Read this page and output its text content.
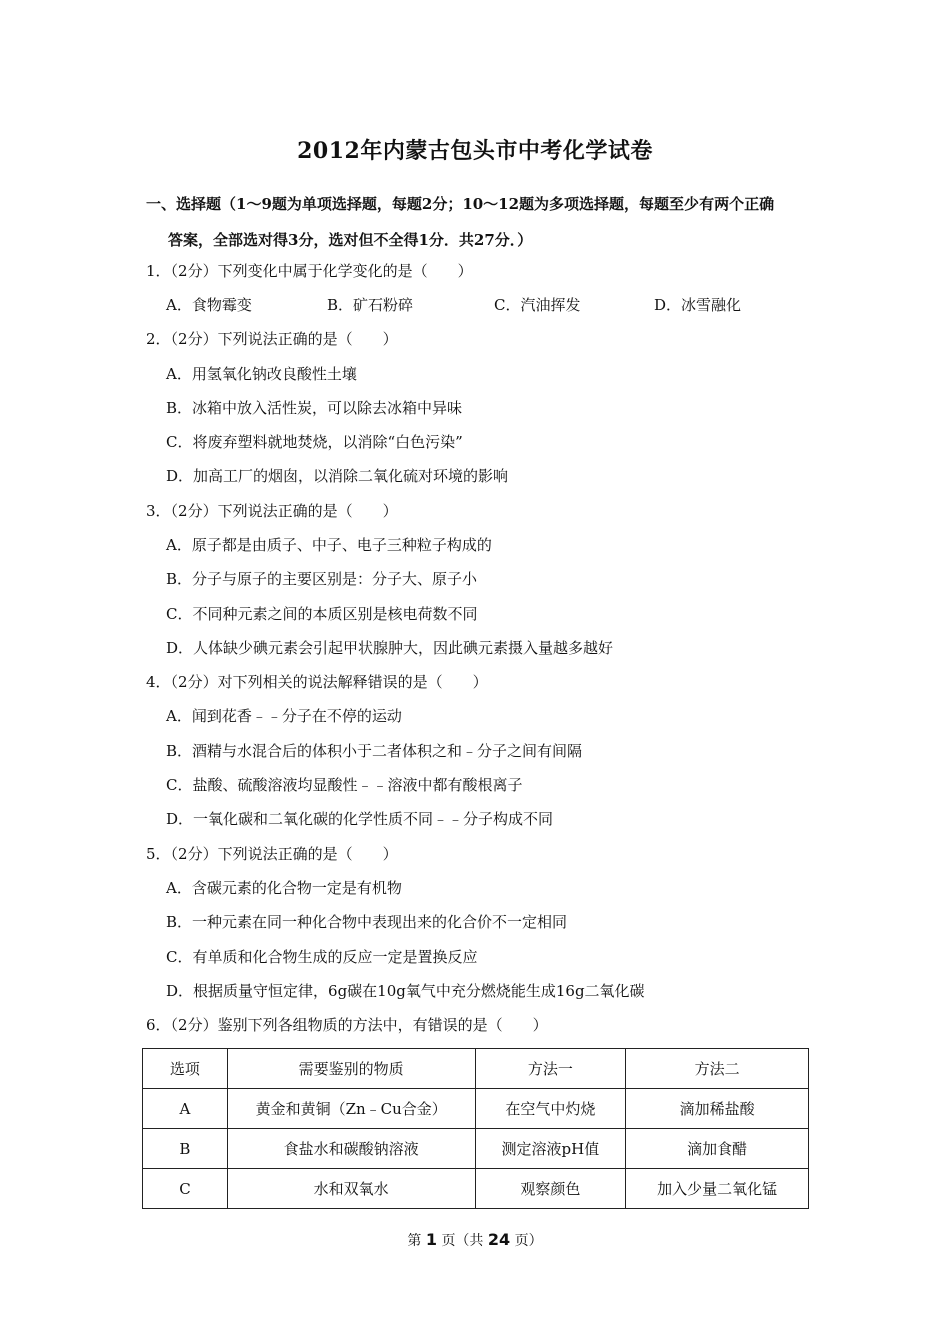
2012年内蒙古包头市中考化学试卷
一、选择题（1～9题为单项选择题，每题2分；10～12题为多项选择题，每题至少有两个正确
答案，全部选对得3分，选对但不全得1分．共27分．）
1．（2分）下列变化中属于化学变化的是（　　）
A．食物霉变	B．矿石粉碎	C．汽油挥发	D．冰雪融化
2．（2分）下列说法正确的是（　　）
A．用氢氧化钠改良酸性土壤
B．冰箱中放入活性炭，可以除去冰箱中异味
C．将废弃塑料就地焚烧，以消除“白色污染”
D．加高工厂的烟囱，以消除二氧化硫对环境的影响
3．（2分）下列说法正确的是（　　）
A．原子都是由质子、中子、电子三种粒子构成的
B．分子与原子的主要区别是：分子大、原子小
C．不同种元素之间的本质区别是核电荷数不同
D．人体缺少碘元素会引起甲状腺肿大，因此碘元素摄入量越多越好
4．（2分）对下列相关的说法解释错误的是（　　）
A．闻到花香﹣﹣分子在不停的运动
B．酒精与水混合后的体积小于二者体积之和﹣分子之间有间隔
C．盐酸、硫酸溶液均显酸性﹣﹣溶液中都有酸根离子
D．一氧化碳和二氧化碳的化学性质不同﹣﹣分子构成不同
5．（2分）下列说法正确的是（　　）
A．含碳元素的化合物一定是有机物
B．一种元素在同一种化合物中表现出来的化合价不一定相同
C．有单质和化合物生成的反应一定是置换反应
D．根据质量守恒定律，6g碳在10g氧气中充分燃烧能生成16g二氧化碳
6．（2分）鉴别下列各组物质的方法中，有错误的是（　　）
选项	需要鉴别的物质	方法一	方法二
A	黄金和黄铜（Zn﹣Cu合金）	在空气中灼烧	滴加稀盐酸
B	食盐水和碳酸钠溶液	测定溶液pH值	滴加食醋
C	水和双氧水	观察颜色	加入少量二氧化锰
第 1 页（共 24 页）
